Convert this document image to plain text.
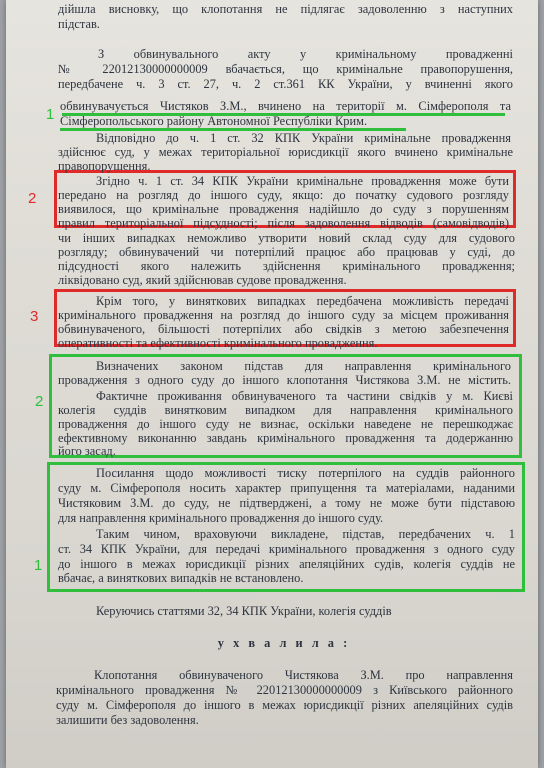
1
2
3
2
1
дійшла висновку, що клопотання не підлягає задоволенню з наступних
підстав.
З обвинувального акту у кримінальному провадженні
№ 22012130000000009 вбачається, що кримінальне правопорушення,
передбачене ч. 3 ст. 27, ч. 2 ст.361 КК України, у вчиненні якого
обвинувачується Чистяков З.М., вчинено на території м. Сімферополя та
Сімферопольського району Автономної Республіки Крим.
Відповідно до ч. 1 ст. 32 КПК України кримінальне провадження
здійснює суд, у межах територіальної юрисдикції якого вчинено кримінальне
правопорушення.
Згідно ч. 1 ст. 34 КПК України кримінальне провадження може бути
передано на розгляд до іншого суду, якщо: до початку судового розгляду
виявилося, що кримінальне провадження надійшло до суду з порушенням
правил територіальної підсудності; після задоволення відводів (самовідводів)
чи інших випадках неможливо утворити новий склад суду для судового
розгляду; обвинувачений чи потерпілий працює або працював у суді, до
підсудності якого належить здійснення кримінального провадження;
ліквідовано суд, який здійснював судове провадження.
Крім того, у виняткових випадках передбачена можливість передачі
кримінального провадження на розгляд до іншого суду за місцем проживання
обвинуваченого, більшості потерпілих або свідків з метою забезпечення
оперативності та ефективності кримінального провадження.
Визначених законом підстав для направлення кримінального
провадження з одного суду до іншого клопотання Чистякова З.М. не містить.
Фактичне проживання обвинуваченого та частини свідків у м. Києві
колегія суддів винятковим випадком для направлення кримінального
провадження до іншого суду не визнає, оскільки наведене не перешкоджає
ефективному виконанню завдань кримінального провадження та додержанню
його засад.
Посилання щодо можливості тиску потерпілого на суддів районного
суду м. Сімферополя носить характер припущення та матеріалами, наданими
Чистяковим З.М. до суду, не підтверджені, а тому не може бути підставою
для направлення кримінального провадження до іншого суду.
Таким чином, враховуючи викладене, підстав, передбачених ч. 1
ст. 34 КПК України, для передачі кримінального провадження з одного суду
до іншого в межах юрисдикції різних апеляційних судів, колегія суддів не
вбачає, а виняткових випадків не встановлено.
Керуючись статтями 32, 34 КПК України, колегія суддів
у х в а л и л а :
Клопотання обвинуваченого Чистякова З.М. про направлення
кримінального провадження № 22012130000000009 з Київського районного
суду м. Сімферополя до іншого в межах юрисдикції різних апеляційних судів
залишити без задоволення.
